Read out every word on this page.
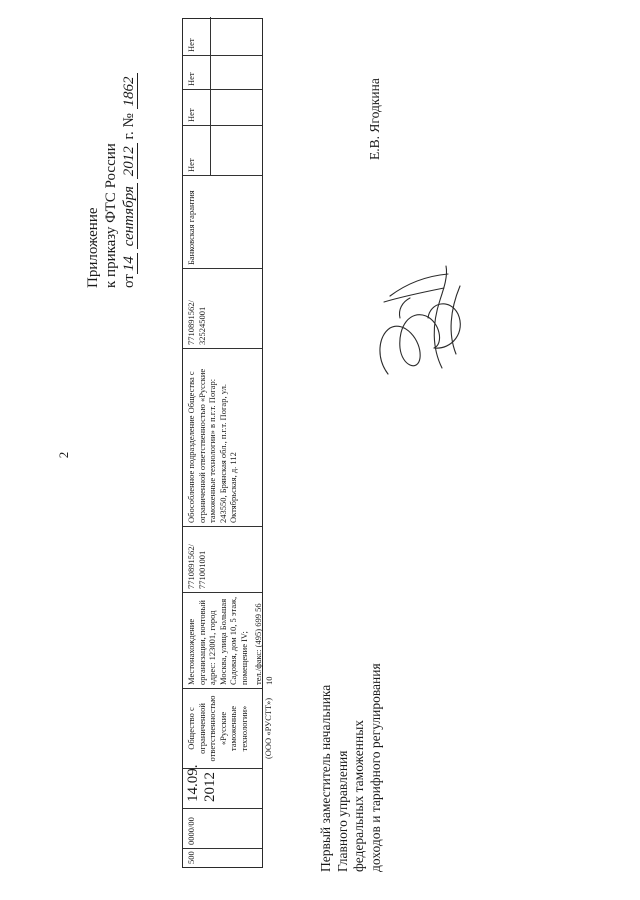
2
Приложение к приказу ФТС России от14 сентября 2012 г. № 1862
500
0000/00
14.09. 2012
Общество с ограниченной ответственностью «Русские таможенные технологии» (ООО «РУСТТ»)
Местонахождение организации, почтовый адрес: 123001, город Москва, улица Большая Садовая, дом 10, 5 этаж, помещение IV; тел./факс: (495) 699 56 10
7710891562/ 771001001
Обособленное подразделение Общества с ограниченной ответственностью «Русские таможенные технологии» в п.г.т. Погар: 243550, Брянская обл., п.г.т. Погар, ул. Октябрьская, д. 112
7710891562/ 325245001
Банковская гарантия
Нет
Нет
Нет
Нет
Первый заместитель начальника Главного управления федеральных таможенных доходов и тарифного регулирования
Е.В. Ягодкина
